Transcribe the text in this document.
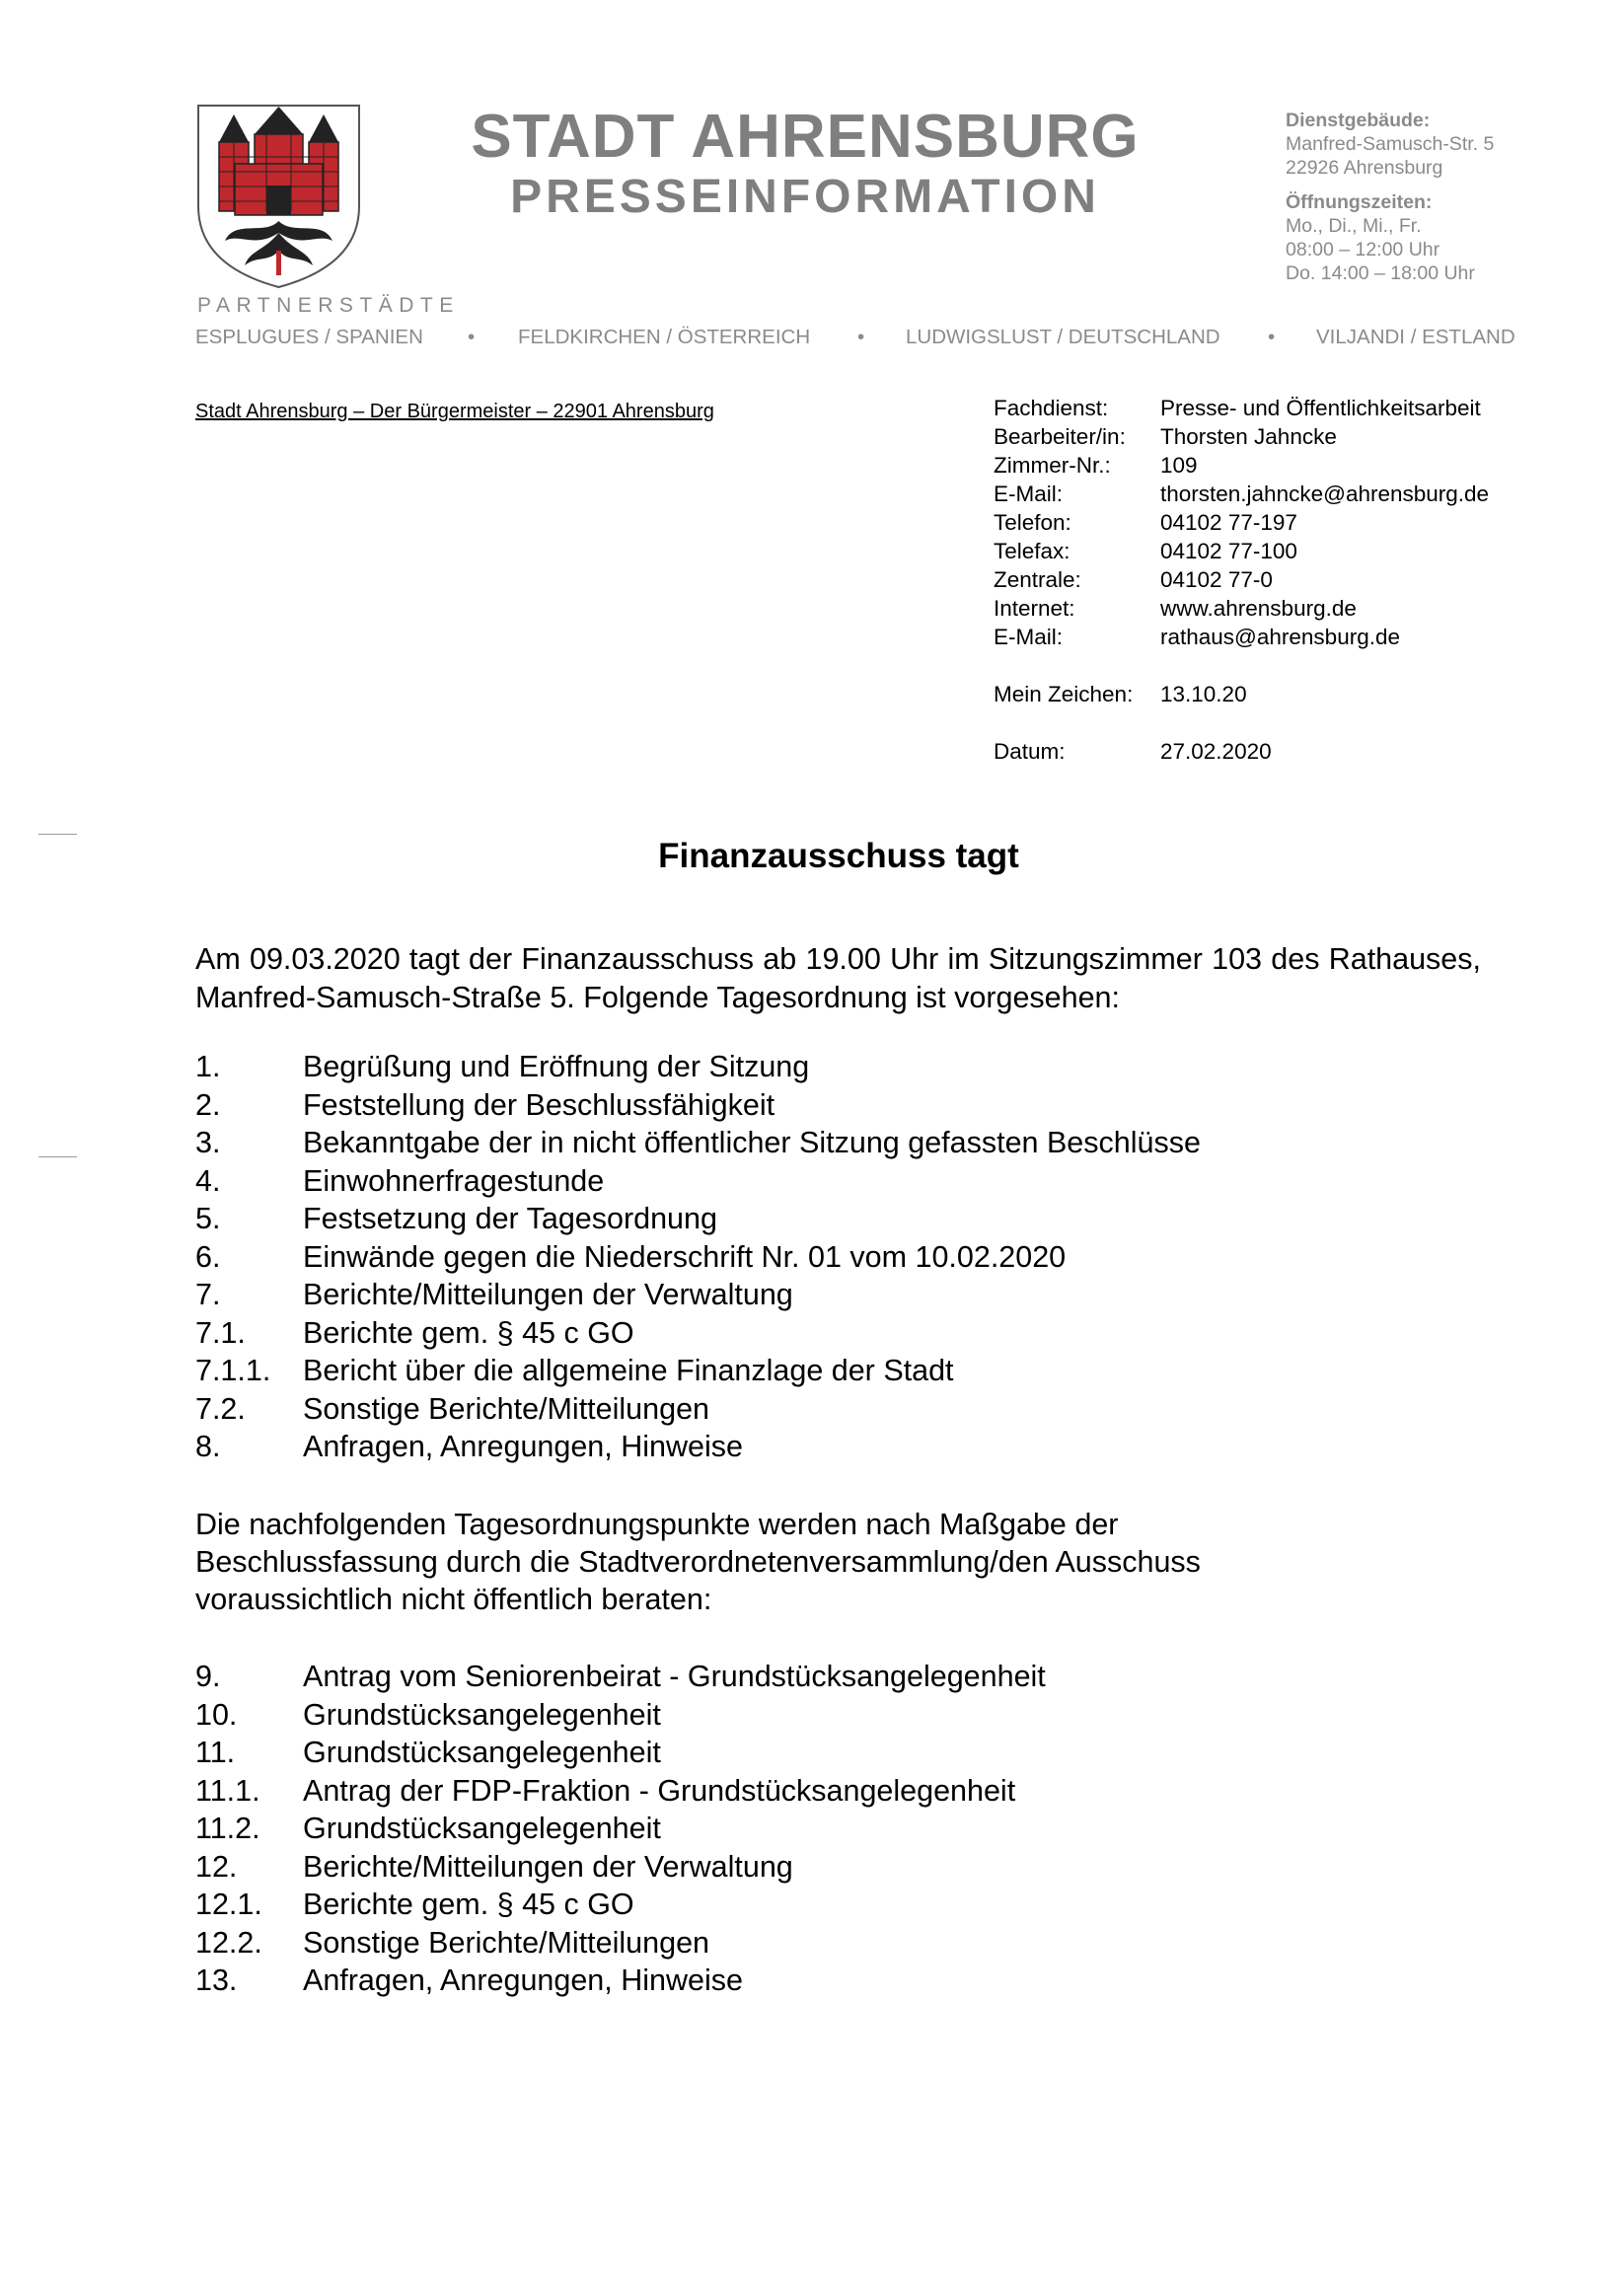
STADT AHRENSBURG
PRESSEINFORMATION
Dienstgebäude:
Manfred-Samusch-Str. 5
22926 Ahrensburg
Öffnungszeiten:
Mo., Di., Mi., Fr.
08:00 – 12:00 Uhr
Do. 14:00 – 18:00 Uhr
PARTNERSTÄDTE
ESPLUGUES / SPANIEN • FELDKIRCHEN / ÖSTERREICH • LUDWIGSLUST / DEUTSCHLAND • VILJANDI / ESTLAND
Stadt Ahrensburg – Der Bürgermeister – 22901 Ahrensburg	Fachdienst: Presse- und Öffentlichkeitsarbeit
Bearbeiter/in: Thorsten Jahncke
Zimmer-Nr.: 109
E-Mail:	thorsten.jahncke@ahrensburg.de
Telefon:	04102 77-197
Telefax:	04102 77-100
Zentrale:	04102 77-0
Internet:	www.ahrensburg.de
E-Mail:	rathaus@ahrensburg.de
Mein Zeichen: 13.10.20
Datum:	27.02.2020
Finanzausschuss tagt
Am 09.03.2020 tagt der Finanzausschuss ab 19.00 Uhr im Sitzungszimmer 103 des Rathauses, Manfred-Samusch-Straße 5. Folgende Tagesordnung ist vorgesehen:
1.	Begrüßung und Eröffnung der Sitzung
2.	Feststellung der Beschlussfähigkeit
3.	Bekanntgabe der in nicht öffentlicher Sitzung gefassten Beschlüsse
4.	Einwohnerfragestunde
5.	Festsetzung der Tagesordnung
6.	Einwände gegen die Niederschrift Nr. 01 vom 10.02.2020
7.	Berichte/Mitteilungen der Verwaltung
7.1. Berichte gem. § 45 c GO
7.1.1. Bericht über die allgemeine Finanzlage der Stadt
7.2. Sonstige Berichte/Mitteilungen
8.	Anfragen, Anregungen, Hinweise
Die nachfolgenden Tagesordnungspunkte werden nach Maßgabe der
Beschlussfassung durch die Stadtverordnetenversammlung/den Ausschuss
voraussichtlich nicht öffentlich beraten:
9.	Antrag vom Seniorenbeirat - Grundstücksangelegenheit
10. Grundstücksangelegenheit
11. Grundstücksangelegenheit
11.1. Antrag der FDP-Fraktion - Grundstücksangelegenheit
11.2. Grundstücksangelegenheit
12. Berichte/Mitteilungen der Verwaltung
12.1. Berichte gem. § 45 c GO
12.2. Sonstige Berichte/Mitteilungen
13. Anfragen, Anregungen, Hinweise
